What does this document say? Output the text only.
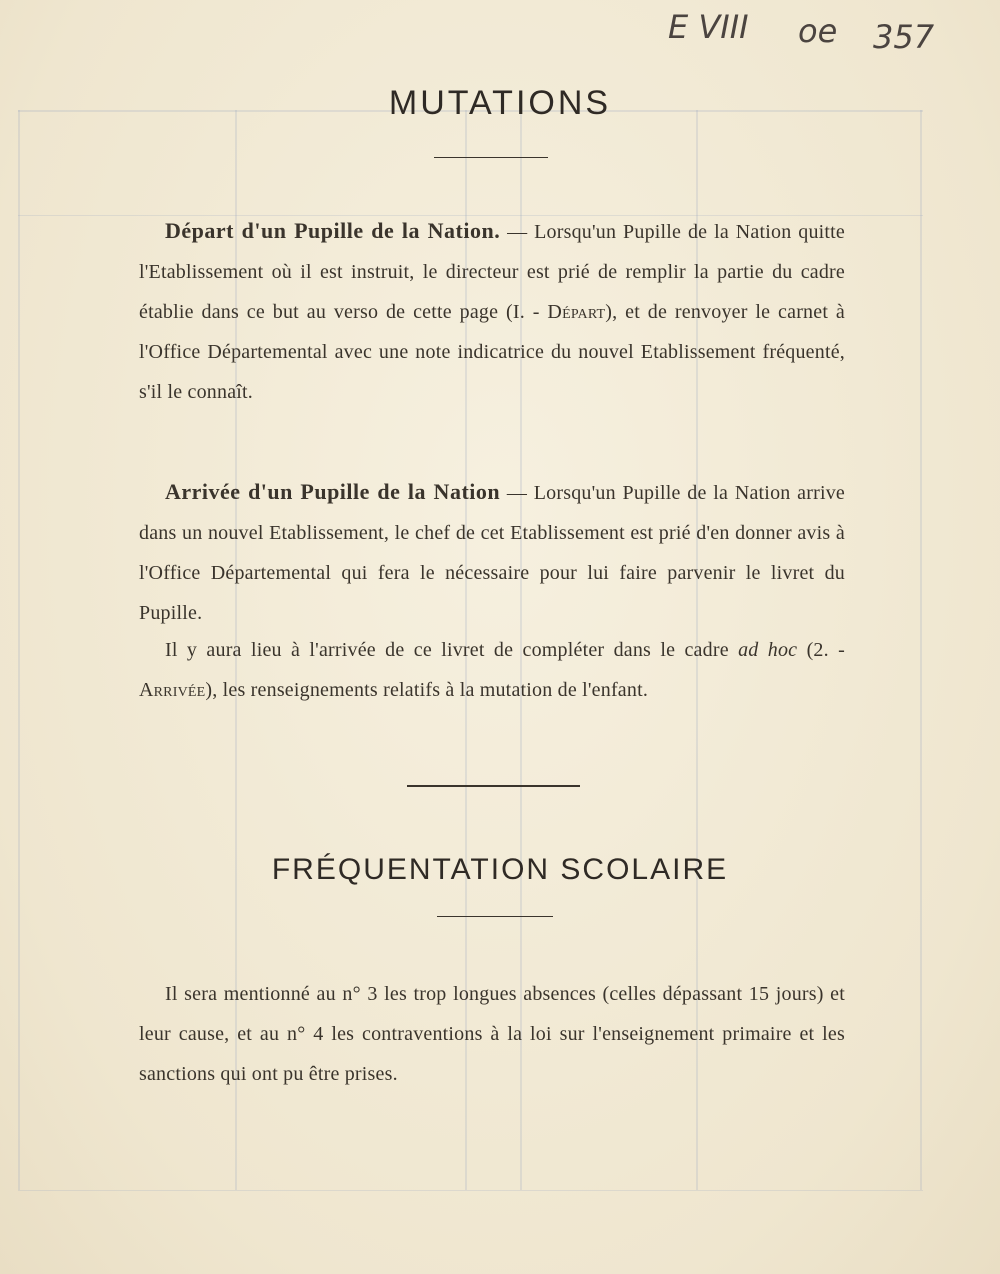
E VIII oe 357
MUTATIONS
Départ d'un Pupille de la Nation. — Lorsqu'un Pupille de la Nation quitte l'Etablissement où il est instruit, le directeur est prié de remplir la partie du cadre établie dans ce but au verso de cette page (I. - Départ), et de renvoyer le carnet à l'Office Départemental avec une note indicatrice du nouvel Etablissement fréquenté, s'il le connaît.
Arrivée d'un Pupille de la Nation — Lorsqu'un Pupille de la Nation arrive dans un nouvel Etablissement, le chef de cet Etablissement est prié d'en donner avis à l'Office Départemental qui fera le nécessaire pour lui faire parvenir le livret du Pupille.
Il y aura lieu à l'arrivée de ce livret de compléter dans le cadre ad hoc (2. - Arrivée), les renseignements relatifs à la mutation de l'enfant.
FRÉQUENTATION SCOLAIRE
Il sera mentionné au n° 3 les trop longues absences (celles dépassant 15 jours) et leur cause, et au n° 4 les contraventions à la loi sur l'enseignement primaire et les sanctions qui ont pu être prises.
